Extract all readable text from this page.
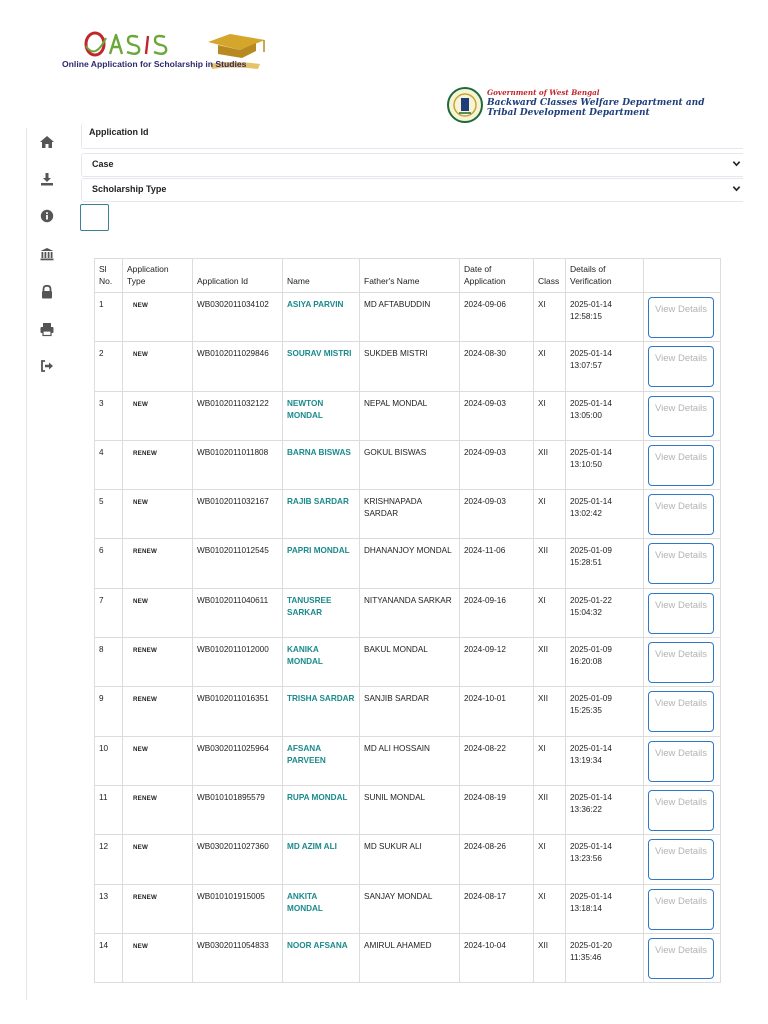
Online Application for Scholarship in Studies
Government of West Bengal
Backward Classes Welfare Department and
Tribal Development Department
Application Id
Case
Scholarship Type
Sl No.	Application Type	Application Id	Name	Father's Name	Date of Application	Class	Details of Verification	
1	NEW	WB0302011034102	ASIYA PARVIN	MD AFTABUDDIN	2024-09-06	XI	2025-01-14 12:58:15	View Details

2	NEW	WB0102011029846	SOURAV MISTRI	SUKDEB MISTRI	2024-08-30	XI	2025-01-14 13:07:57	View Details

3	NEW	WB0102011032122	NEWTON MONDAL	NEPAL MONDAL	2024-09-03	XI	2025-01-14 13:05:00	View Details

4	RENEW	WB0102011011808	BARNA BISWAS	GOKUL BISWAS	2024-09-03	XII	2025-01-14 13:10:50	View Details

5	NEW	WB0102011032167	RAJIB SARDAR	KRISHNAPADA SARDAR	2024-09-03	XI	2025-01-14 13:02:42	View Details

6	RENEW	WB0102011012545	PAPRI MONDAL	DHANANJOY MONDAL	2024-11-06	XII	2025-01-09 15:28:51	View Details

7	NEW	WB0102011040611	TANUSREE SARKAR	NITYANANDA SARKAR	2024-09-16	XI	2025-01-22 15:04:32	View Details

8	RENEW	WB0102011012000	KANIKA MONDAL	BAKUL MONDAL	2024-09-12	XII	2025-01-09 16:20:08	View Details

9	RENEW	WB0102011016351	TRISHA SARDAR	SANJIB SARDAR	2024-10-01	XII	2025-01-09 15:25:35	View Details

10	NEW	WB0302011025964	AFSANA PARVEEN	MD ALI HOSSAIN	2024-08-22	XI	2025-01-14 13:19:34	View Details

11	RENEW	WB010101895579	RUPA MONDAL	SUNIL MONDAL	2024-08-19	XII	2025-01-14 13:36:22	View Details

12	NEW	WB0302011027360	MD AZIM ALI	MD SUKUR ALI	2024-08-26	XI	2025-01-14 13:23:56	View Details

13	RENEW	WB010101915005	ANKITA MONDAL	SANJAY MONDAL	2024-08-17	XI	2025-01-14 13:18:14	View Details

14	NEW	WB0302011054833	NOOR AFSANA	AMIRUL AHAMED	2024-10-04	XII	2025-01-20 11:35:46	View Details
